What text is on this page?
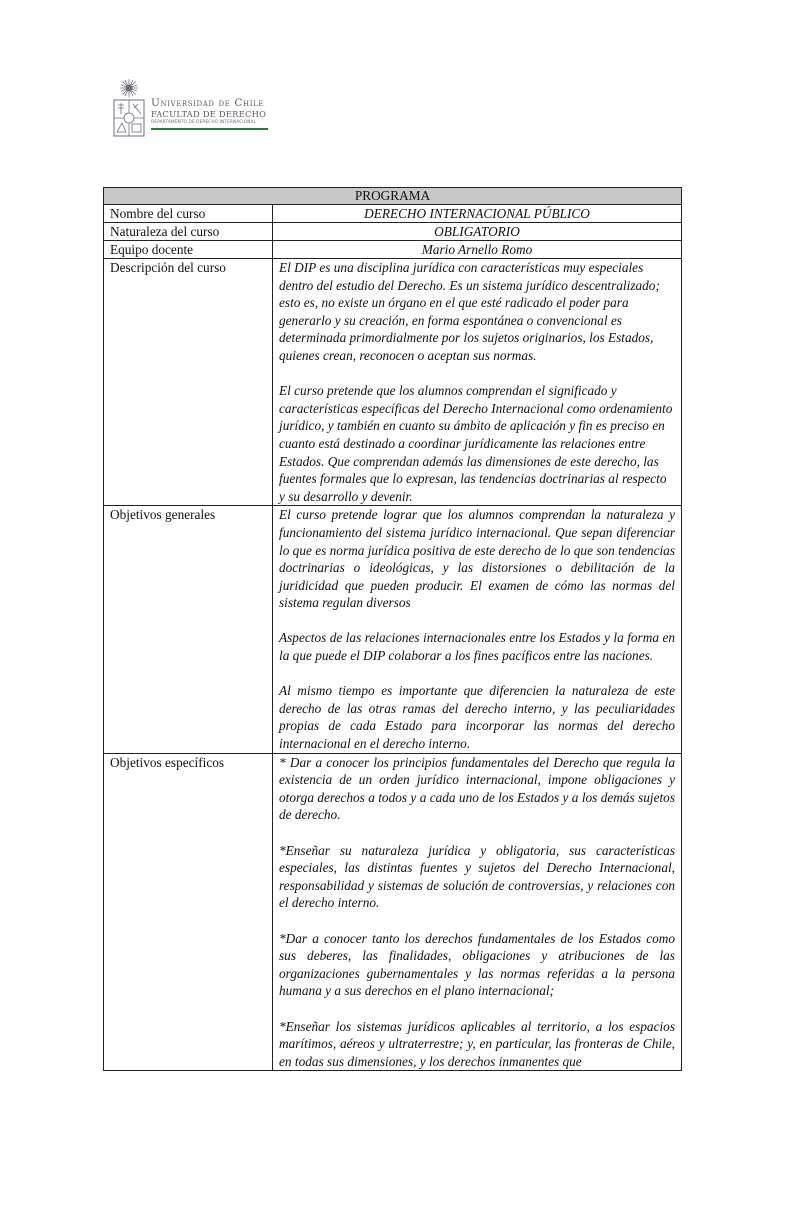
Universidad de Chile
FACULTAD DE DERECHO
DEPARTAMENTO DE DERECHO INTERNACIONAL
PROGRAMA	
Nombre del curso	DERECHO INTERNACIONAL PÚBLICO
Naturaleza del curso	OBLIGATORIO
Equipo docente	Mario Arnello Romo
Descripción del curso	El DIP es una disciplina jurídica con características muy especiales dentro del estudio del Derecho. Es un sistema jurídico descentralizado; esto es, no existe un órgano en el que esté radicado el poder para generarlo y su creación, en forma espontánea o convencional es determinada primordialmente por los sujetos originarios, los Estados, quienes crean, reconocen o aceptan sus normas.

El curso pretende que los alumnos comprendan el significado y características específicas del Derecho Internacional como ordenamiento jurídico, y también en cuanto su ámbito de aplicación y fin es preciso en cuanto está destinado a coordinar jurídicamente las relaciones entre Estados. Que comprendan además las dimensiones de este derecho, las fuentes formales que lo expresan, las tendencias doctrinarias al respecto y su desarrollo y devenir.

Objetivos generales	El curso pretende lograr que los alumnos comprendan la naturaleza y funcionamiento del sistema jurídico internacional. Que sepan diferenciar lo que es norma jurídica positiva de este derecho de lo que son tendencias doctrinarias o ideológicas, y las distorsiones o debilitación de la juridicidad que pueden producir. El examen de cómo las normas del sistema regulan diversos

Aspectos de las relaciones internacionales entre los Estados y la forma en la que puede el DIP colaborar a los fines pacíficos entre las naciones.

Al mismo tiempo es importante que diferencien la naturaleza de este derecho de las otras ramas del derecho interno, y las peculiaridades propias de cada Estado para incorporar las normas del derecho internacional en el derecho interno.

Objetivos específicos	* Dar a conocer los principios fundamentales del Derecho que regula la existencia de un orden jurídico internacional, impone obligaciones y otorga derechos a todos y a cada uno de los Estados y a los demás sujetos de derecho.

*Enseñar su naturaleza jurídica y obligatoria, sus características especiales, las distintas fuentes y sujetos del Derecho Internacional, responsabilidad y sistemas de solución de controversias, y relaciones con el derecho interno.

*Dar a conocer tanto los derechos fundamentales de los Estados como sus deberes, las finalidades, obligaciones y atribuciones de las organizaciones gubernamentales y las normas referidas a la persona humana y a sus derechos en el plano internacional;

*Enseñar los sistemas jurídicos aplicables al territorio, a los espacios marítimos, aéreos y ultraterrestre; y, en particular, las fronteras de Chile, en todas sus dimensiones, y los derechos inmanentes que
